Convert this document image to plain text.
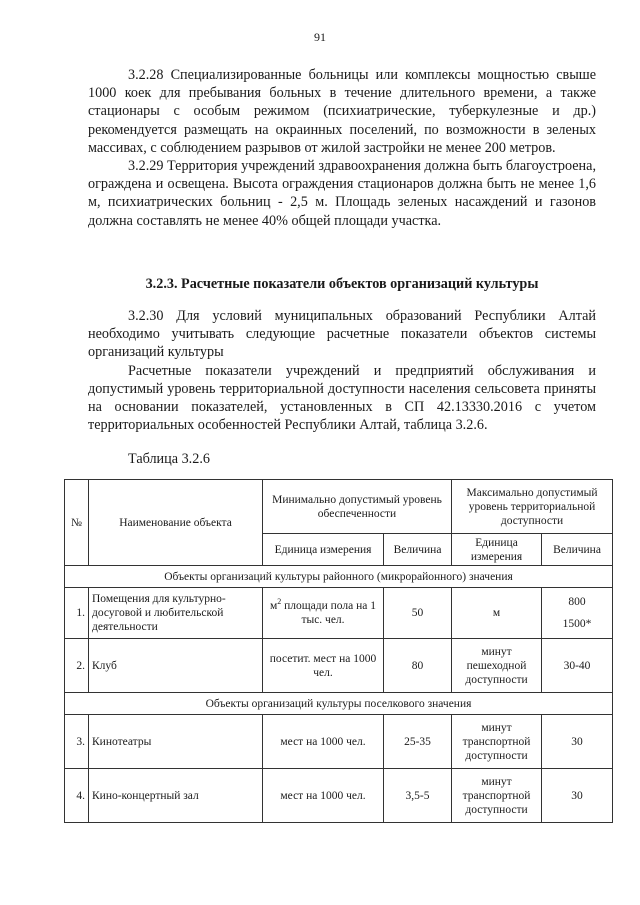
91

3.2.28 Специализированные больницы или комплексы мощностью свыше 1000 коек для пребывания больных в течение длительного времени, а также стационары с особым режимом (психиатрические, туберкулезные и др.) рекомендуется размещать на окраинных поселений, по возможности в зеленых массивах, с соблюдением разрывов от жилой застройки не менее 200 метров.

3.2.29 Территория учреждений здравоохранения должна быть благоустроена, ограждена и освещена. Высота ограждения стационаров должна быть не менее 1,6 м, психиатрических больниц - 2,5 м. Площадь зеленых насаждений и газонов должна составлять не менее 40% общей площади участка.

3.2.3. Расчетные показатели объектов организаций культуры

3.2.30 Для условий муниципальных образований Республики Алтай необходимо учитывать следующие расчетные показатели объектов системы организаций культуры

Расчетные показатели учреждений и предприятий обслуживания и допустимый уровень территориальной доступности населения сельсовета приняты на основании показателей, установленных в СП 42.13330.2016 с учетом территориальных особенностей Республики Алтай, таблица 3.2.6.

Таблица 3.2.6
№	Наименование объекта	Минимально допустимый уровень обеспеченности		Максимально допустимый уровень территориальной доступности	
		Единица измерения	Величина	Единица измерения	Величина
Объекты организаций культуры районного (микрорайонного) значения					
1.	Помещения для культурно-досуговой и любительской деятельности	$м^2$ площади пола на 1 тыс. чел.	50	м	800
1500*

2.	Клуб	посетит. мест на 1000 чел.	80	минут пешеходной доступности	30-40
Объекты организаций культуры поселкового значения					
3.	Кинотеатры	мест на 1000 чел.	25-35	минут транспортной доступности	30
4.	Кино-концертный зал	мест на 1000 чел.	3,5-5	минут транспортной доступности	30
